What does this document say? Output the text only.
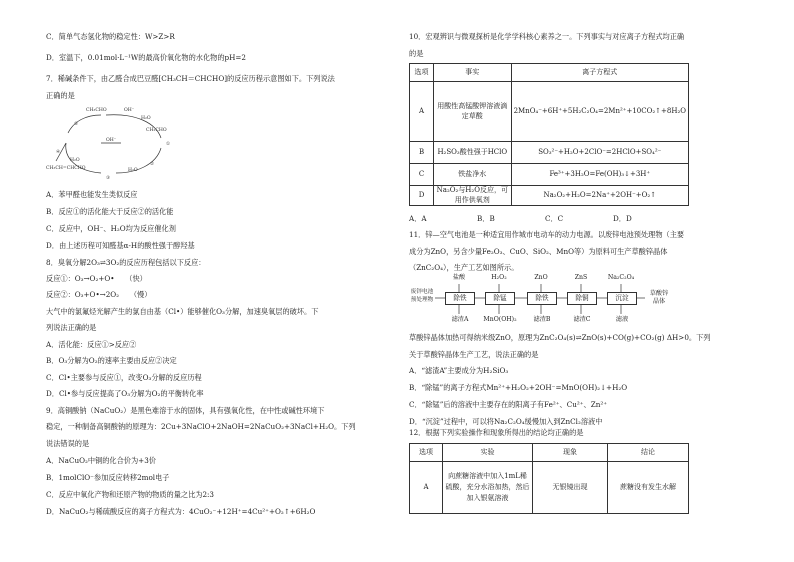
C．简单气态氢化物的稳定性：W>Z>R
D．室温下，0.01mol·L⁻¹W的最高价氧化物的水化物的pH=2
7．稀碱条件下，由乙醛合成巴豆醛[CH₃CH＝CHCHO]的反应历程示意图如下。下列说法
正确的是
CH₃CHO	OH⁻
H₂O
CH₂CHO
①
②
③
④
⑤
CH₃CH=CHCHO
OH⁻
H₂O
H₂O
A．苯甲醛也能发生类似反应
B．反应①的活化能大于反应②的活化能
C．反应中，OH⁻、H₂O均为反应催化剂
D．由上述历程可知醛基α-H的酸性强于醇羟基
8．臭氧分解2O₃⇌3O₂的反应历程包括以下反应：
反应①：O₃→O₂+O•　　（快）
反应②：O₃+O•→2O₂　　（慢）
大气中的氯氟烃光解产生的氯自由基（Cl•）能够催化O₃分解，加速臭氧层的破坏。下
列说法正确的是
A．活化能：反应①>反应②
B．O₃分解为O₂的速率主要由反应②决定
C．Cl•主要参与反应①，改变O₃分解的反应历程
D．Cl•参与反应提高了O₃分解为O₂的平衡转化率
9．高铜酸钠（NaCuO₂）是黑色难溶于水的固体，具有强氧化性，在中性或碱性环境下
稳定，一种制备高铜酸钠的原理为：2Cu+3NaClO+2NaOH=2NaCuO₂+3NaCl+H₂O。下列
说法错误的是
A．NaCuO₂中铜的化合价为+3价
B．1molClO⁻参加反应转移2mol电子
C．反应中氧化产物和还原产物的物质的量之比为2:3
D．NaCuO₂与稀硫酸反应的离子方程式为：4CuO₂⁻+12H⁺=4Cu²⁺+O₂↑+6H₂O
10．宏观辨识与微观探析是化学学科核心素养之一。下列事实与对应离子方程式均正确
的是
选项	事实	离子方程式
A	用酸性高锰酸钾溶液滴定草酸	2MnO₄⁻+6H⁺+5H₂C₂O₄=2Mn²⁺+10CO₂↑+8H₂O
B	H₂SO₃酸性强于HClO	SO₃²⁻+H₂O+2ClO⁻=2HClO+SO₄²⁻
C	铁盐净水	Fe³⁺+3H₂O=Fe(OH)₃↓+3H⁺
D	Na₂O₂与H₂O反应，可用作供氧剂	Na₂O₂+H₂O=2Na⁺+2OH⁻+O₂↑
A．A	B．B	C．C	D．D
11．锌—空气电池是一种适宜用作城市电动车的动力电源。以废锌电池预处理物（主要
成分为ZnO，另含少量Fe₂O₃、CuO、SiO₂、MnO等）为原料可生产草酸锌晶体
（ZnC₂O₄），生产工艺如图所示。
废锌电池预处理物
盐酸	H₂O₂	ZnO	ZnS	Na₂C₂O₄
除铁	除锰	除铁	除铜	沉淀
滤渣A	MnO(OH)₂	滤渣B	滤渣C	滤液
草酸锌晶体
草酸锌晶体加热可得纳米级ZnO，原理为ZnC₂O₄(s)⇌ZnO(s)+CO(g)+CO₂(g) ΔH>0。下列
关于草酸锌晶体生产工艺，说法正确的是
A．“滤渣A”主要成分为H₂SiO₃
B．“除锰”的离子方程式Mn²⁺+H₂O₂+2OH⁻=MnO(OH)₂↓+H₂O
C．“除锰”后的溶液中主要存在的阳离子有Fe²⁺、Cu²⁺、Zn²⁺
D．“沉淀”过程中，可以将Na₂C₂O₄缓慢加入到ZnCl₂溶液中
12．根据下列实验操作和现象所得出的结论均正确的是
选项	实验	现象	结论
A	向蔗糖溶液中加入1mL稀硫酸，充分水浴加热，然后加入银氨溶液	无银镜出现	蔗糖没有发生水解
